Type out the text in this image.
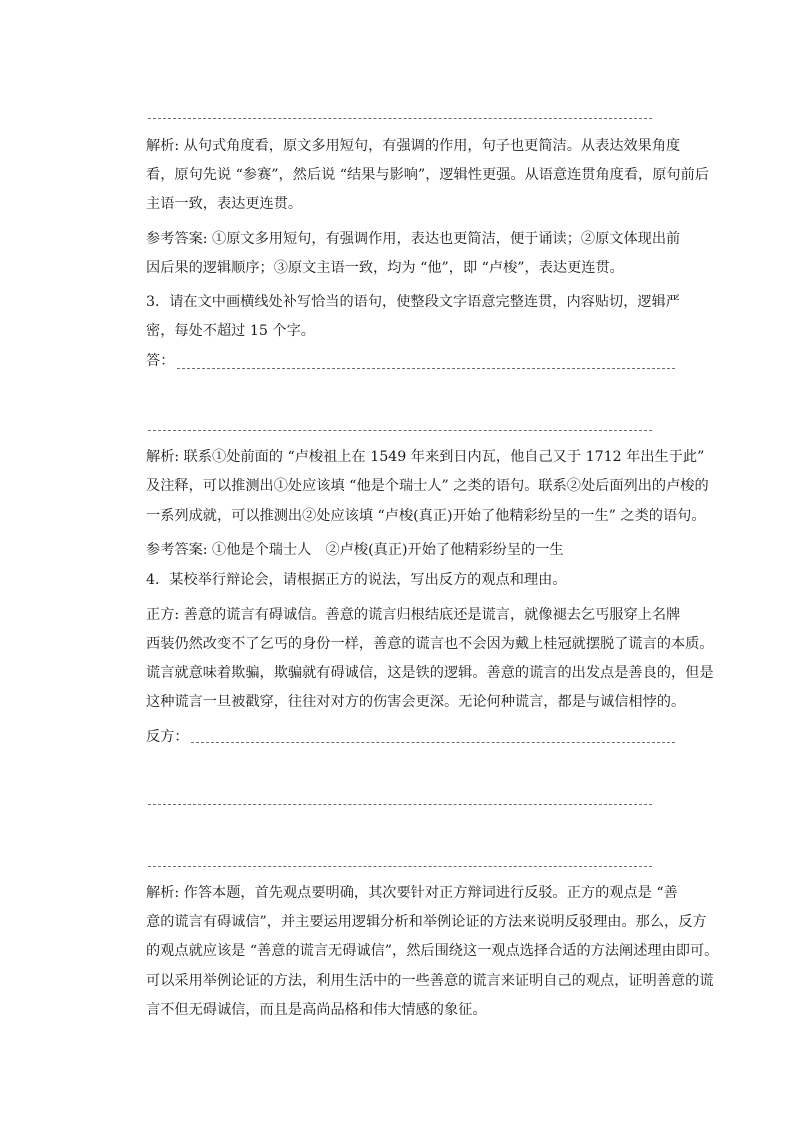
解析: 从句式角度看，原文多用短句，有强调的作用，句子也更简洁。从表达效果角度
看，原句先说 “参赛”，然后说 “结果与影响”，逻辑性更强。从语意连贯角度看，原句前后
主语一致，表达更连贯。
参考答案: ①原文多用短句，有强调作用，表达也更简洁，便于诵读；②原文体现出前
因后果的逻辑顺序；③原文主语一致，均为 “他”，即 “卢梭”，表达更连贯。
3．请在文中画横线处补写恰当的语句，使整段文字语意完整连贯，内容贴切，逻辑严
密，每处不超过 15 个字。
答：
解析: 联系①处前面的 “卢梭祖上在 1549 年来到日内瓦，他自己又于 1712 年出生于此”
及注释，可以推测出①处应该填 “他是个瑞士人” 之类的语句。联系②处后面列出的卢梭的
一系列成就，可以推测出②处应该填 “卢梭(真正)开始了他精彩纷呈的一生” 之类的语句。
参考答案: ①他是个瑞士人　②卢梭(真正)开始了他精彩纷呈的一生
4．某校举行辩论会，请根据正方的说法，写出反方的观点和理由。
正方: 善意的谎言有碍诚信。善意的谎言归根结底还是谎言，就像褪去乞丐服穿上名牌
西装仍然改变不了乞丐的身份一样，善意的谎言也不会因为戴上桂冠就摆脱了谎言的本质。
谎言就意味着欺骗，欺骗就有碍诚信，这是铁的逻辑。善意的谎言的出发点是善良的，但是
这种谎言一旦被戳穿，往往对对方的伤害会更深。无论何种谎言，都是与诚信相悖的。
反方：
解析: 作答本题，首先观点要明确，其次要针对正方辩词进行反驳。正方的观点是 “善
意的谎言有碍诚信”，并主要运用逻辑分析和举例论证的方法来说明反驳理由。那么，反方
的观点就应该是 “善意的谎言无碍诚信”，然后围绕这一观点选择合适的方法阐述理由即可。
可以采用举例论证的方法，利用生活中的一些善意的谎言来证明自己的观点，证明善意的谎
言不但无碍诚信，而且是高尚品格和伟大情感的象征。
